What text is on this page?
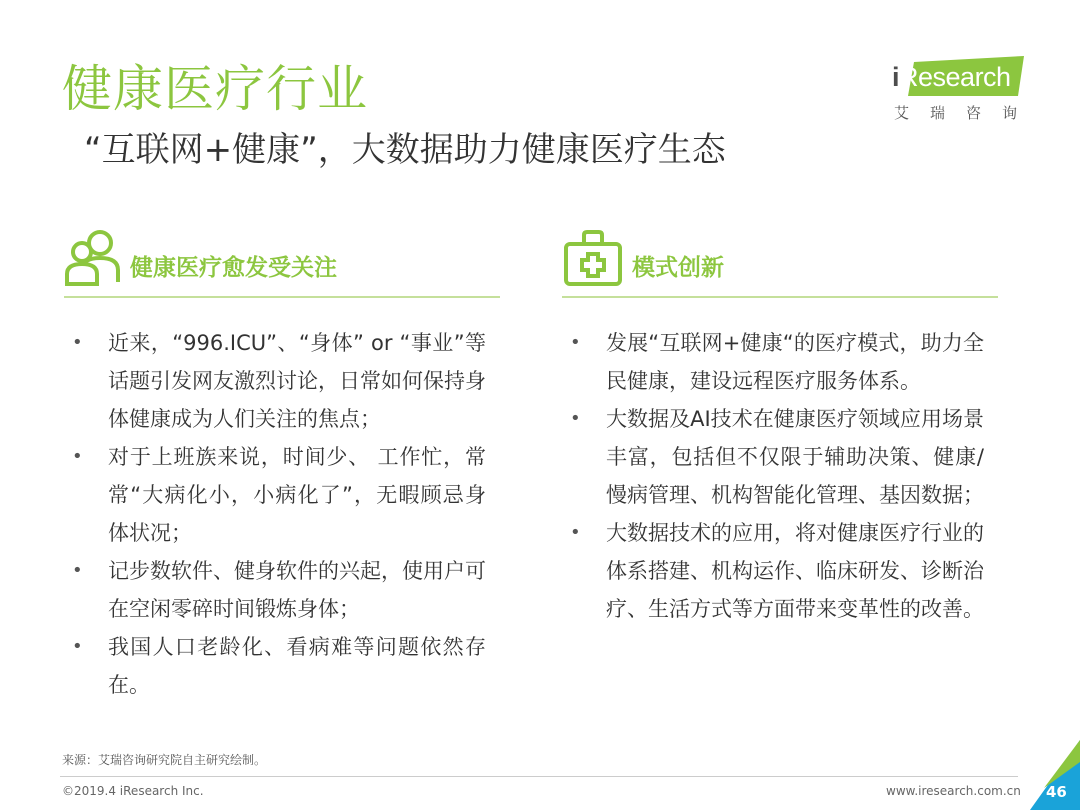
健康医疗行业
“互联网+健康”，大数据助力健康医疗生态
iResearch
艾瑞咨询
健康医疗愈发受关注
• 近来，“996.ICU”、“身体” or “事业”等话题引发网友激烈讨论，日常如何保持身体健康成为人们关注的焦点；
• 对于上班族来说，时间少、 工作忙，常常“大病化小，小病化了”，无暇顾忌身体状况；
• 记步数软件、健身软件的兴起，使用户可在空闲零碎时间锻炼身体；
• 我国人口老龄化、看病难等问题依然存在。
模式创新
• 发展“互联网+健康“的医疗模式，助力全民健康，建设远程医疗服务体系。
• 大数据及AI技术在健康医疗领域应用场景丰富，包括但不仅限于辅助决策、健康/慢病管理、机构智能化管理、基因数据；
• 大数据技术的应用，将对健康医疗行业的体系搭建、机构运作、临床研发、诊断治疗、生活方式等方面带来变革性的改善。
来源：艾瑞咨询研究院自主研究绘制。
©2019.4 iResearch Inc.	www.iresearch.com.cn 46
